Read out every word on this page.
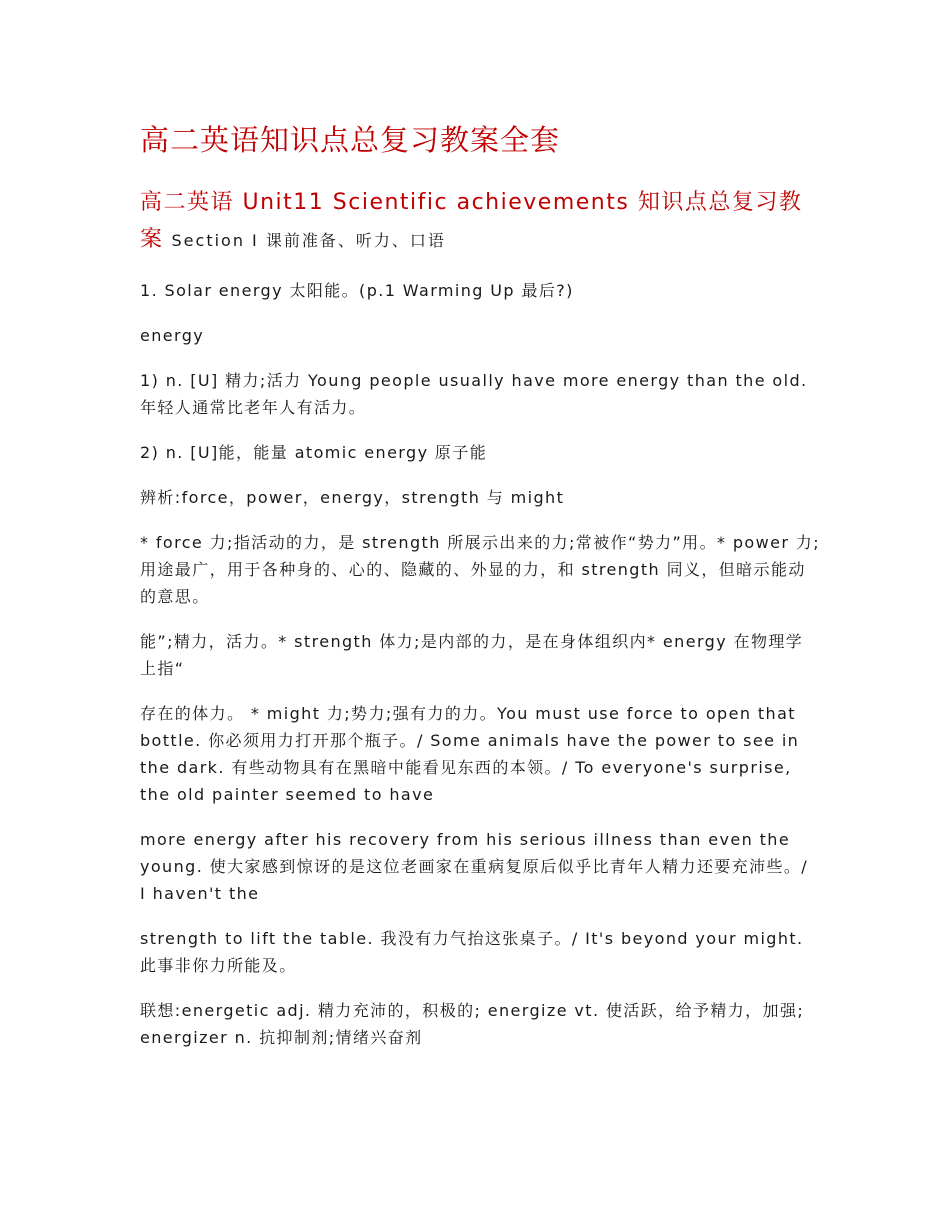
高二英语知识点总复习教案全套
高二英语 Unit11 Scientific achievements 知识点总复习教案 Section I 课前准备、听力、口语

1. Solar energy 太阳能。(p.1 Warming Up 最后?)

energy

1) n. [U] 精力;活力 Young people usually have more energy than the old. 年轻人通常比老年人有活力。

2) n. [U]能，能量 atomic energy 原子能

辨析:force，power，energy，strength 与 might

* force 力;指活动的力，是 strength 所展示出来的力;常被作“势力”用。* power 力;用途最广，用于各种身的、心的、隐藏的、外显的力，和 strength 同义，但暗示能动的意思。

能”;精力，活力。* strength 体力;是内部的力，是在身体组织内* energy 在物理学上指“

存在的体力。 * might 力;势力;强有力的力。You must use force to open that bottle. 你必须用力打开那个瓶子。/ Some animals have the power to see in the dark. 有些动物具有在黑暗中能看见东西的本领。/ To everyone's surprise, the old painter seemed to have

more energy after his recovery from his serious illness than even the young. 使大家感到惊讶的是这位老画家在重病复原后似乎比青年人精力还要充沛些。/ I haven't the

strength to lift the table. 我没有力气抬这张桌子。/ It's beyond your might. 此事非你力所能及。

联想:energetic adj. 精力充沛的，积极的; energize vt. 使活跃，给予精力，加强; energizer n. 抗抑制剂;情绪兴奋剂
